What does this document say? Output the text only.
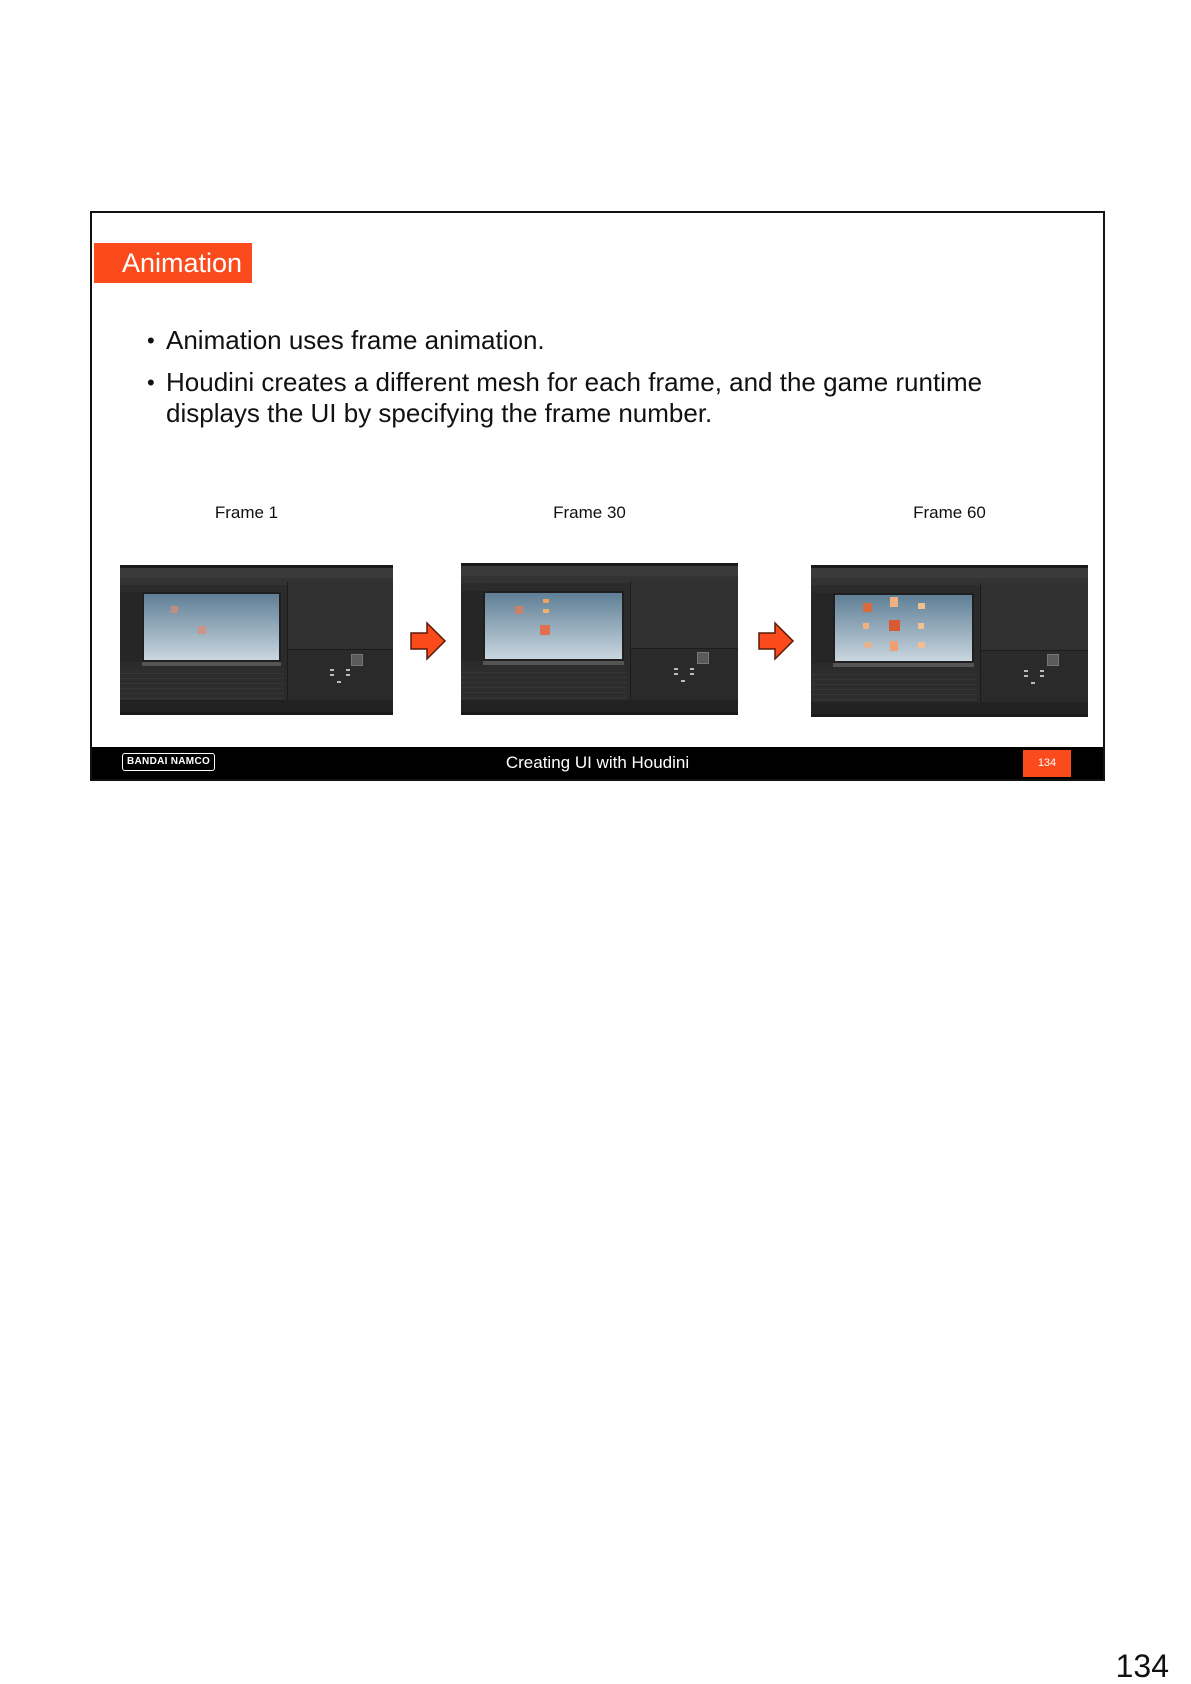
Animation
• Animation uses frame animation.
• Houdini creates a different mesh for each frame, and the game runtime displays the UI by specifying the frame number.
Frame 1	Frame 30	Frame 60
BANDAI NAMCO	Creating UI with Houdini	134
134
